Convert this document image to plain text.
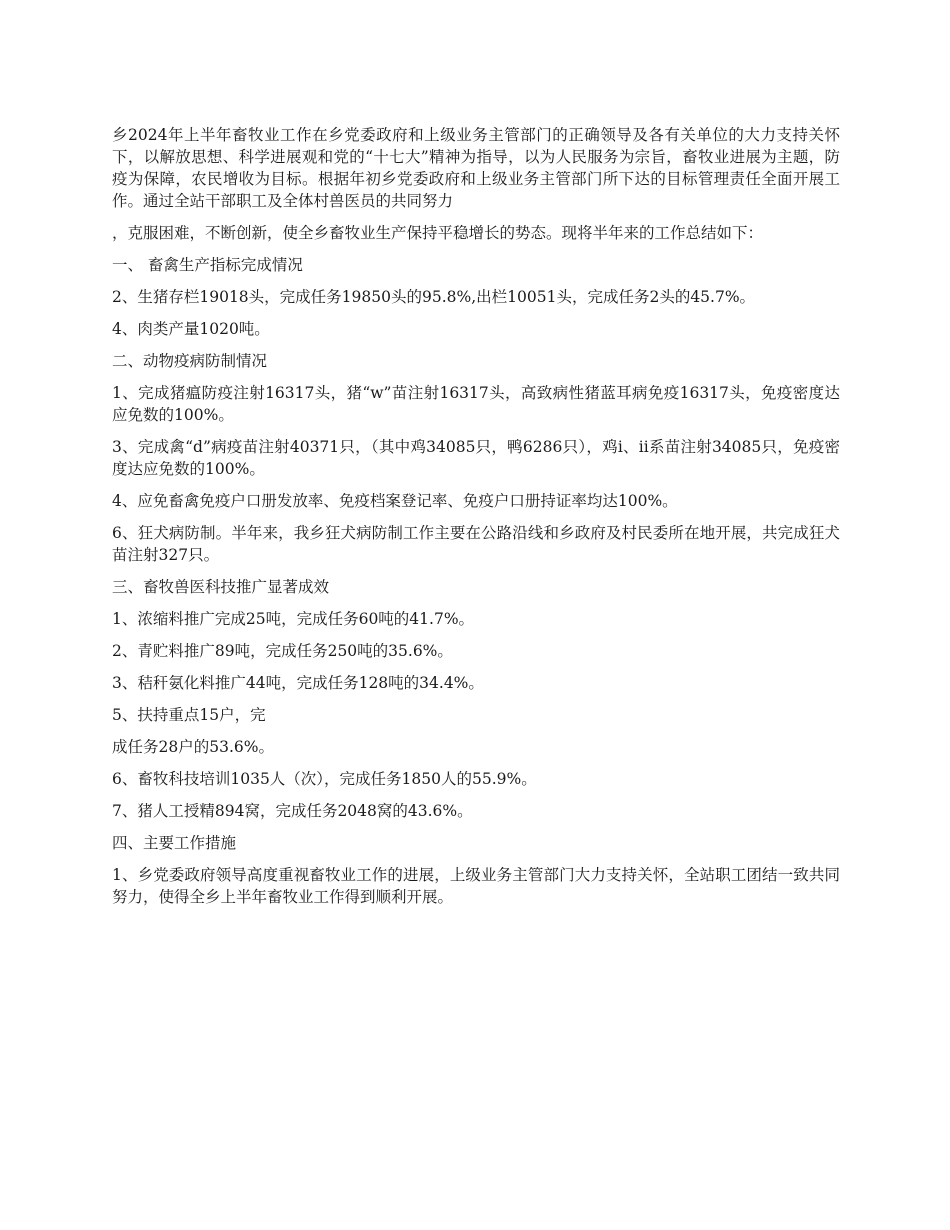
乡2024年上半年畜牧业工作在乡党委政府和上级业务主管部门的正确领导及各有关单位的大力支持关怀下，以解放思想、科学进展观和党的“十七大”精神为指导，以为人民服务为宗旨，畜牧业进展为主题，防疫为保障，农民增收为目标。根据年初乡党委政府和上级业务主管部门所下达的目标管理责任全面开展工作。通过全站干部职工及全体村兽医员的共同努力

，克服困难，不断创新，使全乡畜牧业生产保持平稳增长的势态。现将半年来的工作总结如下：

一、 畜禽生产指标完成情况

2、生猪存栏19018头，完成任务19850头的95.8%,出栏10051头，完成任务2头的45.7%。

4、肉类产量1020吨。

二、动物疫病防制情况

1、完成猪瘟防疫注射16317头，猪“w”苗注射16317头，高致病性猪蓝耳病免疫16317头，免疫密度达应免数的100%。

3、完成禽“d”病疫苗注射40371只，（其中鸡34085只，鸭6286只），鸡i、ii系苗注射34085只，免疫密度达应免数的100%。

4、应免畜禽免疫户口册发放率、免疫档案登记率、免疫户口册持证率均达100%。

6、狂犬病防制。半年来，我乡狂犬病防制工作主要在公路沿线和乡政府及村民委所在地开展，共完成狂犬苗注射327只。

三、畜牧兽医科技推广显著成效

1、浓缩料推广完成25吨，完成任务60吨的41.7%。

2、青贮料推广89吨，完成任务250吨的35.6%。

3、秸秆氨化料推广44吨，完成任务128吨的34.4%。

5、扶持重点15户，完

成任务28户的53.6%。

6、畜牧科技培训1035人（次），完成任务1850人的55.9%。

7、猪人工授精894窝，完成任务2048窝的43.6%。

四、主要工作措施

1、乡党委政府领导高度重视畜牧业工作的进展，上级业务主管部门大力支持关怀，全站职工团结一致共同努力，使得全乡上半年畜牧业工作得到顺利开展。
